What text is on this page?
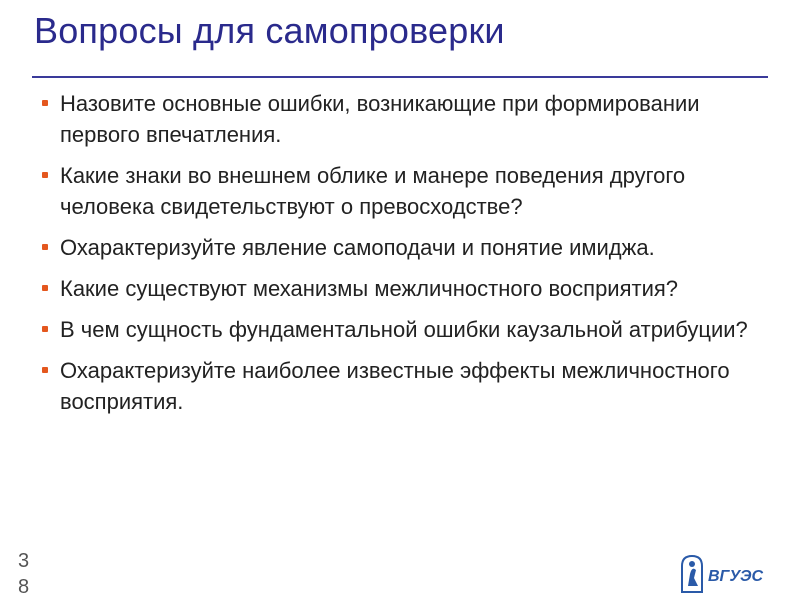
Вопросы для самопроверки
Назовите основные ошибки, возникающие при формировании первого впечатления.
Какие знаки во внешнем облике и манере поведения другого человека свидетельствуют о превосходстве?
Охарактеризуйте явление самоподачи и понятие имиджа.
Какие существуют механизмы межличностного восприятия?
В чем сущность фундаментальной ошибки каузальной атрибуции?
Охарактеризуйте наиболее известные эффекты межличностного восприятия.
3
8	ВГУЭС
